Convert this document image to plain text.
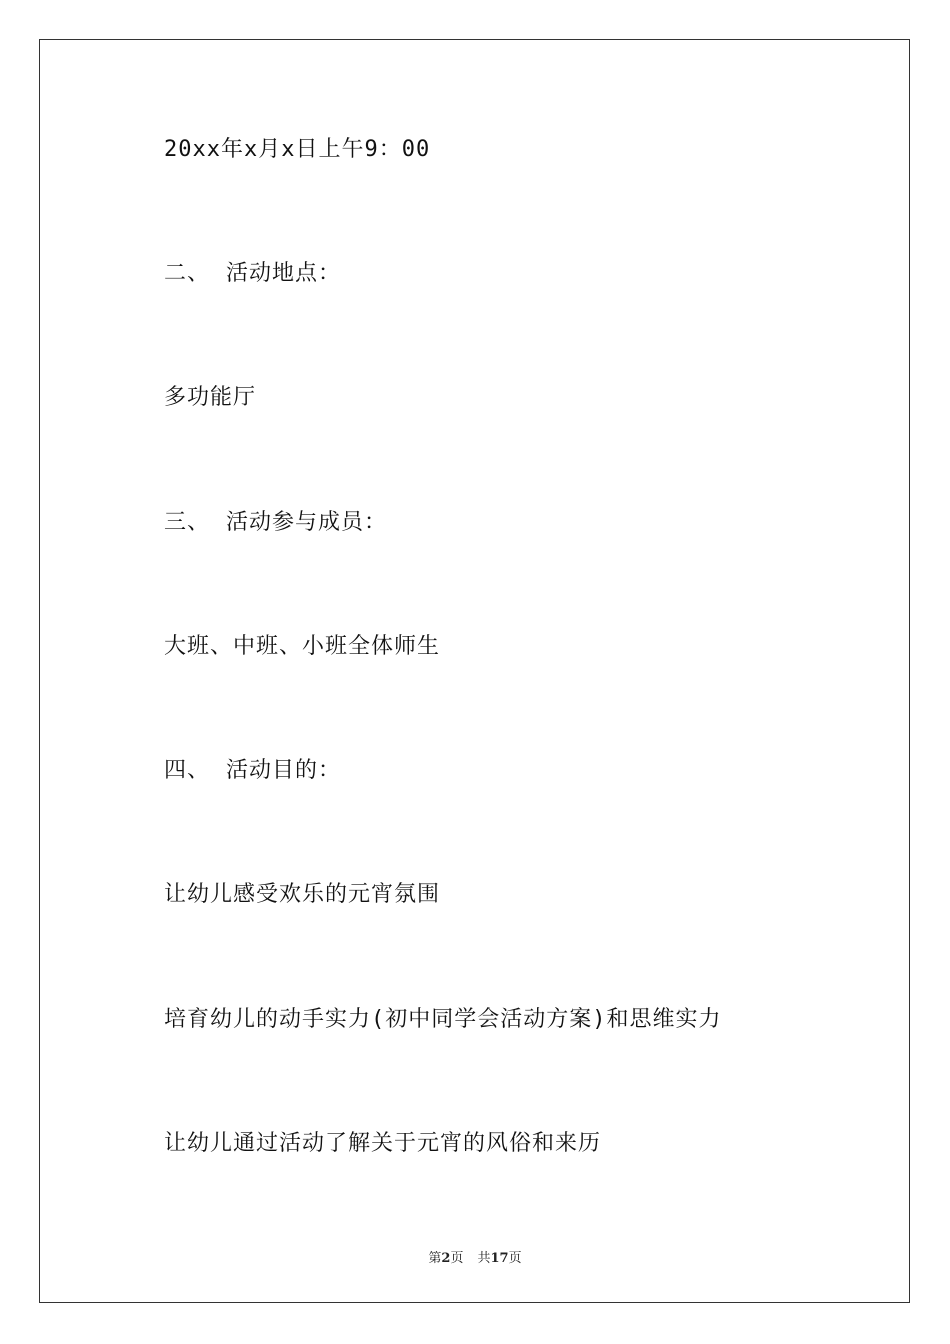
20xx年x月x日上午9：00
二、 活动地点：
多功能厅
三、 活动参与成员：
大班、中班、小班全体师生
四、 活动目的：
让幼儿感受欢乐的元宵氛围
培育幼儿的动手实力(初中同学会活动方案)和思维实力
让幼儿通过活动了解关于元宵的风俗和来历
第2页 共17页
